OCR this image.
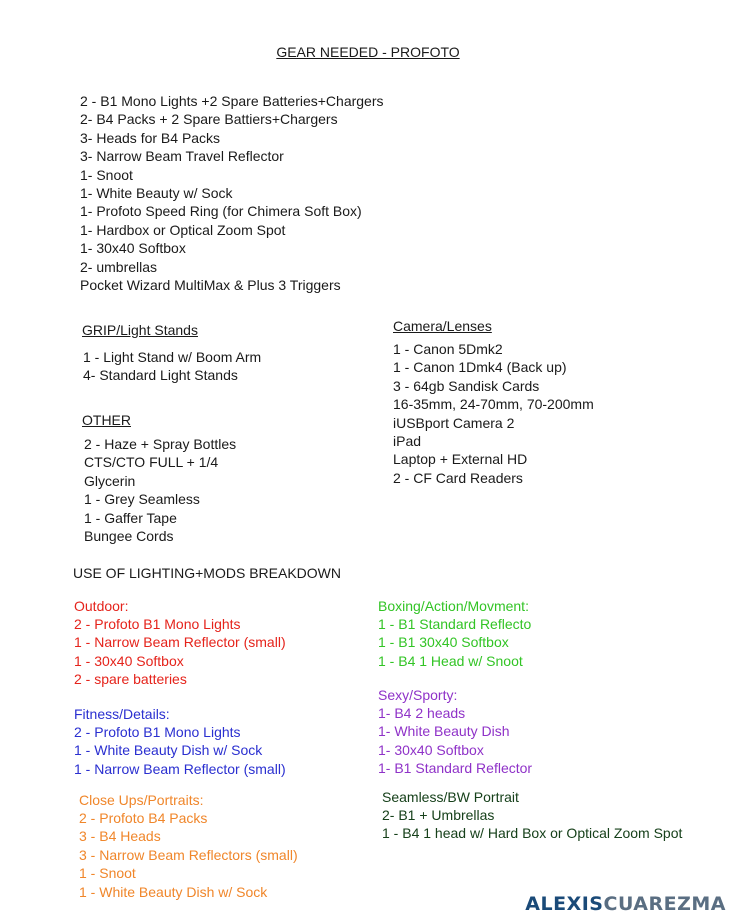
GEAR NEEDED - PROFOTO
2 - B1 Mono Lights +2 Spare Batteries+Chargers
2- B4 Packs + 2 Spare Battiers+Chargers
3- Heads for B4 Packs
3- Narrow Beam Travel Reflector
1- Snoot
1- White Beauty w/ Sock
1- Profoto Speed Ring (for Chimera Soft Box)
1- Hardbox or Optical Zoom Spot
1- 30x40 Softbox
2- umbrellas
Pocket Wizard MultiMax & Plus 3 Triggers
GRIP/Light Stands
1 - Light Stand w/ Boom Arm
4- Standard Light Stands
OTHER
2 - Haze + Spray Bottles
CTS/CTO FULL + 1/4
Glycerin
1 - Grey Seamless
1 - Gaffer Tape
Bungee Cords
Camera/Lenses
1 - Canon 5Dmk2
1 - Canon 1Dmk4 (Back up)
3 - 64gb Sandisk Cards
16-35mm, 24-70mm, 70-200mm
iUSBport Camera 2
iPad
Laptop + External HD
2 - CF Card Readers
USE OF LIGHTING+MODS BREAKDOWN
Outdoor:
2 - Profoto B1 Mono Lights
1 - Narrow Beam Reflector (small)
1 - 30x40 Softbox
2 - spare batteries
Fitness/Details:
2 - Profoto B1 Mono Lights
1 - White Beauty Dish w/ Sock
1 - Narrow Beam Reflector (small)
Close Ups/Portraits:
2 - Profoto B4 Packs
3 - B4 Heads
3 - Narrow Beam Reflectors (small)
1 - Snoot
1 - White Beauty Dish w/ Sock
Boxing/Action/Movment:
1 - B1 Standard Reflecto
1 - B1 30x40 Softbox
1 - B4 1 Head w/ Snoot
Sexy/Sporty:
1- B4 2 heads
1- White Beauty Dish
1- 30x40 Softbox
1- B1 Standard Reflector
Seamless/BW Portrait
2- B1 + Umbrellas
1 - B4 1 head w/ Hard Box or Optical Zoom Spot
ALEXISCUAREZMA
